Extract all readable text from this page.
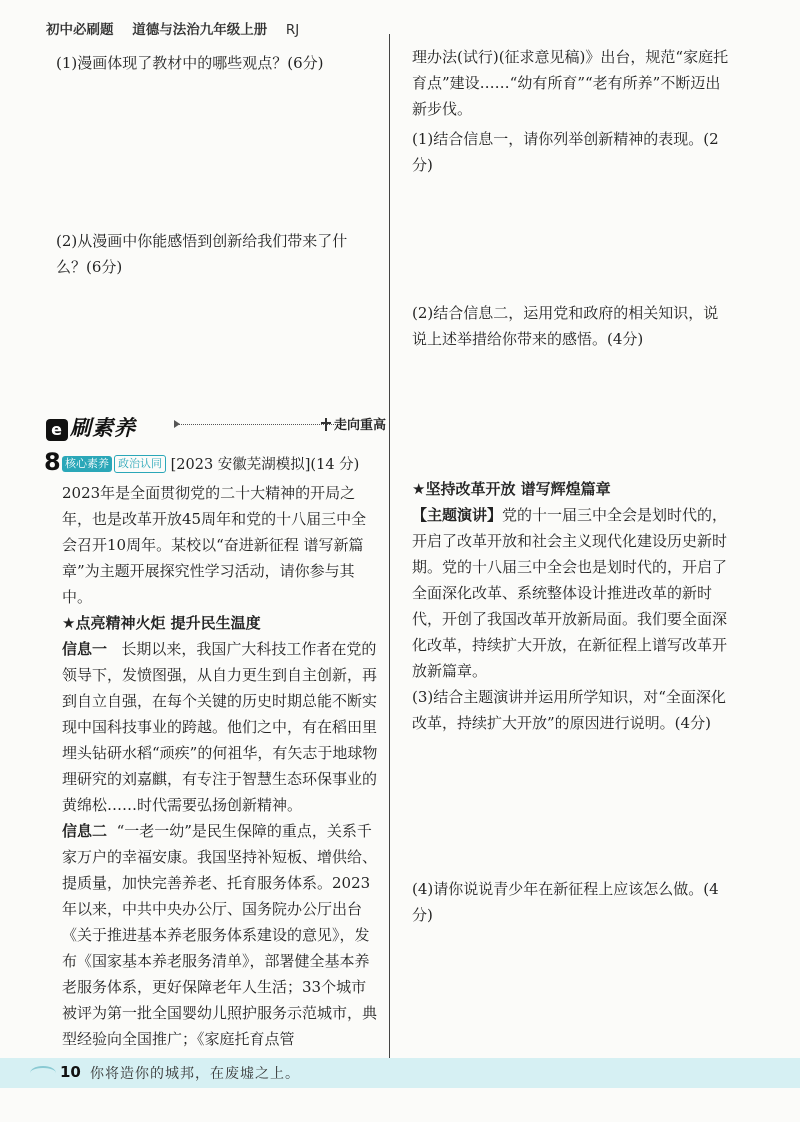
初中必刷题 道德与法治九年级上册 RJ
(1)漫画体现了教材中的哪些观点？(6分)
(2)从漫画中你能感悟到创新给我们带来了什
么？(6分)
e 刷素养	走向重高
8 核心素养 政治认同 [2023 安徽芜湖模拟](14 分)
2023年是全面贯彻党的二十大精神的开局之年，也是改革开放45周年和党的十八届三中全会召开10周年。某校以“奋进新征程 谱写新篇章”为主题开展探究性学习活动，请你参与其中。
★点亮精神火炬 提升民生温度
信息一 长期以来，我国广大科技工作者在党的领导下，发愤图强，从自力更生到自主创新，再到自立自强，在每个关键的历史时期总能不断实现中国科技事业的跨越。他们之中，有在稻田里埋头钻研水稻“顽疾”的何祖华，有矢志于地球物理研究的刘嘉麒，有专注于智慧生态环保事业的黄绵松……时代需要弘扬创新精神。
信息二 “一老一幼”是民生保障的重点，关系千家万户的幸福安康。我国坚持补短板、增供给、提质量，加快完善养老、托育服务体系。2023年以来，中共中央办公厅、国务院办公厅出台《关于推进基本养老服务体系建设的意见》，发布《国家基本养老服务清单》，部署健全基本养老服务体系，更好保障老年人生活；33个城市被评为第一批全国婴幼儿照护服务示范城市，典型经验向全国推广；《家庭托育点管
理办法(试行)(征求意见稿)》出台，规范“家庭托育点”建设……“幼有所育”“老有所养”不断迈出新步伐。
(1)结合信息一，请你列举创新精神的表现。(2分)
(2)结合信息二，运用党和政府的相关知识，说说上述举措给你带来的感悟。(4分)
★坚持改革开放 谱写辉煌篇章
【主题演讲】党的十一届三中全会是划时代的，开启了改革开放和社会主义现代化建设历史新时期。党的十八届三中全会也是划时代的，开启了全面深化改革、系统整体设计推进改革的新时代，开创了我国改革开放新局面。我们要全面深化改革，持续扩大开放，在新征程上谱写改革开放新篇章。
(3)结合主题演讲并运用所学知识，对“全面深化改革，持续扩大开放”的原因进行说明。(4分)
(4)请你说说青少年在新征程上应该怎么做。(4分)
10 你将造你的城邦，在废墟之上。
